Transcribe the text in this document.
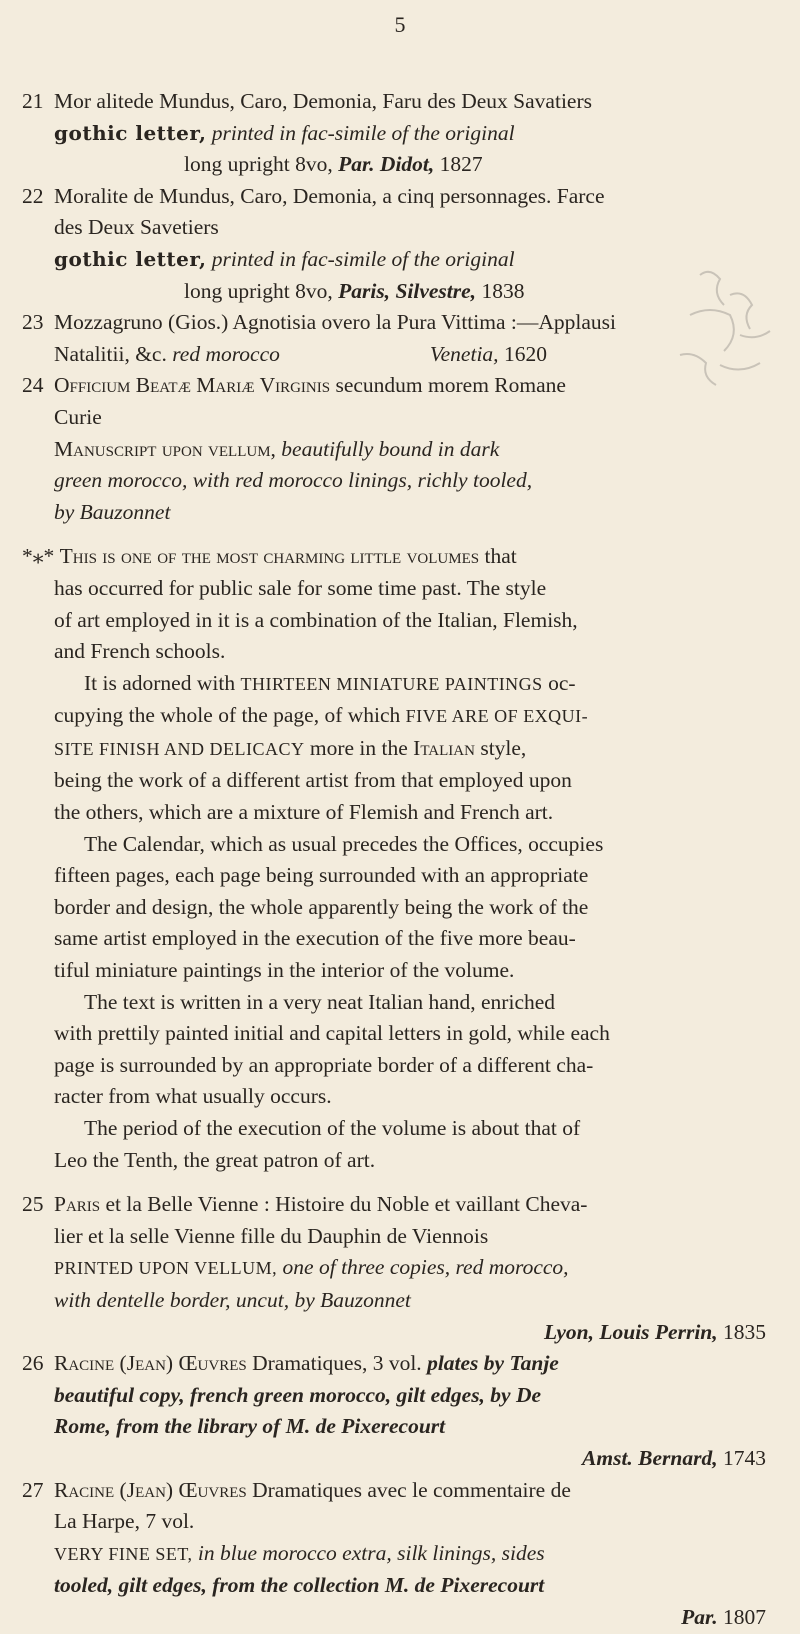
5
21 Mor alitede Mundus, Caro, Demonia, Faru des Deux Savatiers
gothic letter, printed in fac-simile of the original
long upright 8vo, Par. Didot, 1827
22 Moralite de Mundus, Caro, Demonia, a cinq personnages. Farce
des Deux Savetiers
gothic letter, printed in fac-simile of the original
long upright 8vo, Paris, Silvestre, 1838
23 Mozzagruno (Gios.) Agnotisia overo la Pura Vittima :—Applausi
Natalitii, &c. red morocco	Venetia, 1620
24 Officium Beatæ Mariæ Virginis secundum morem Romane
Curie
Manuscript upon vellum, beautifully bound in dark
green morocco, with red morocco linings, richly tooled,
by Bauzonnet
*⁎* This is one of the most charming little volumes that
has occurred for public sale for some time past. The style
of art employed in it is a combination of the Italian, Flemish,
and French schools.
It is adorned with THIRTEEN MINIATURE PAINTINGS oc-
cupying the whole of the page, of which FIVE ARE OF EXQUI-
SITE FINISH AND DELICACY more in the Italian style,
being the work of a different artist from that employed upon
the others, which are a mixture of Flemish and French art.
The Calendar, which as usual precedes the Offices, occupies
fifteen pages, each page being surrounded with an appropriate
border and design, the whole apparently being the work of the
same artist employed in the execution of the five more beau-
tiful miniature paintings in the interior of the volume.
The text is written in a very neat Italian hand, enriched
with prettily painted initial and capital letters in gold, while each
page is surrounded by an appropriate border of a different cha-
racter from what usually occurs.
The period of the execution of the volume is about that of
Leo the Tenth, the great patron of art.
25 Paris et la Belle Vienne : Histoire du Noble et vaillant Cheva-
lier et la selle Vienne fille du Dauphin de Viennois
PRINTED UPON VELLUM, one of three copies, red morocco,
with dentelle border, uncut, by Bauzonnet
Lyon, Louis Perrin, 1835
26 Racine (Jean) Œuvres Dramatiques, 3 vol. plates by Tanje
beautiful copy, french green morocco, gilt edges, by De
Rome, from the library of M. de Pixerecourt
Amst. Bernard, 1743
27 Racine (Jean) Œuvres Dramatiques avec le commentaire de
La Harpe, 7 vol.
VERY FINE SET, in blue morocco extra, silk linings, sides
tooled, gilt edges, from the collection M. de Pixerecourt
Par. 1807
